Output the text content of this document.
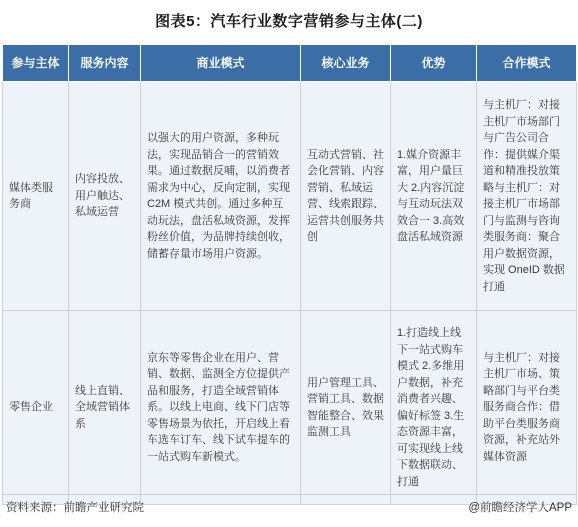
图表5：汽车行业数字营销参与主体(二)
参与主体	服务内容	商业模式	核心业务	优势	合作模式

媒体类服务商	内容投放、用户触达、私域运营	以强大的用户资源，多种玩法，实现品销合一的营销效果。通过数据反哺，以消费者需求为中心，反向定制，实现 C2M 模式共创。通过多种互动玩法，盘活私域资源，发挥粉丝价值，为品牌持续创收，储蓄存量市场用户资源。	互动式营销、社会化营销、内容营销、私域运营、线索跟踪、运营共创服务共创	1.媒介资源丰富，用户量巨大 2.内容沉淀与互动玩法双效合一 3.高效盘活私域资源	与主机厂：对接主机厂市场部门
与广告公司合作：提供媒介渠道和精准投放策略与主机厂：对接主机厂市场部门与监测与咨询类服务商：聚合用户数据资源，实现 OneID 数据打通

零售企业	线上直销、全域营销体系	京东等零售企业在用户、营销、数据、监测全方位提供产品和服务，打造全域营销体系。以线上电商、线下门店等零售场景为依托，开启线上看车选车订车、线下试车提车的一站式购车新模式。	用户管理工具、营销工具、数据智能整合、效果监测工具	1.打造线上线下一站式购车模式 2.多维用户数据，补充消费者兴趣、偏好标签 3.生态资源丰富，可实现线上线下数据联动、打通	与主机厂：对接主机厂市场、策略部门与平台类服务商合作：借助平台类服务商资源，补充站外媒体资源
资料来源：前瞻产业研究院	@前瞻经济学人APP
